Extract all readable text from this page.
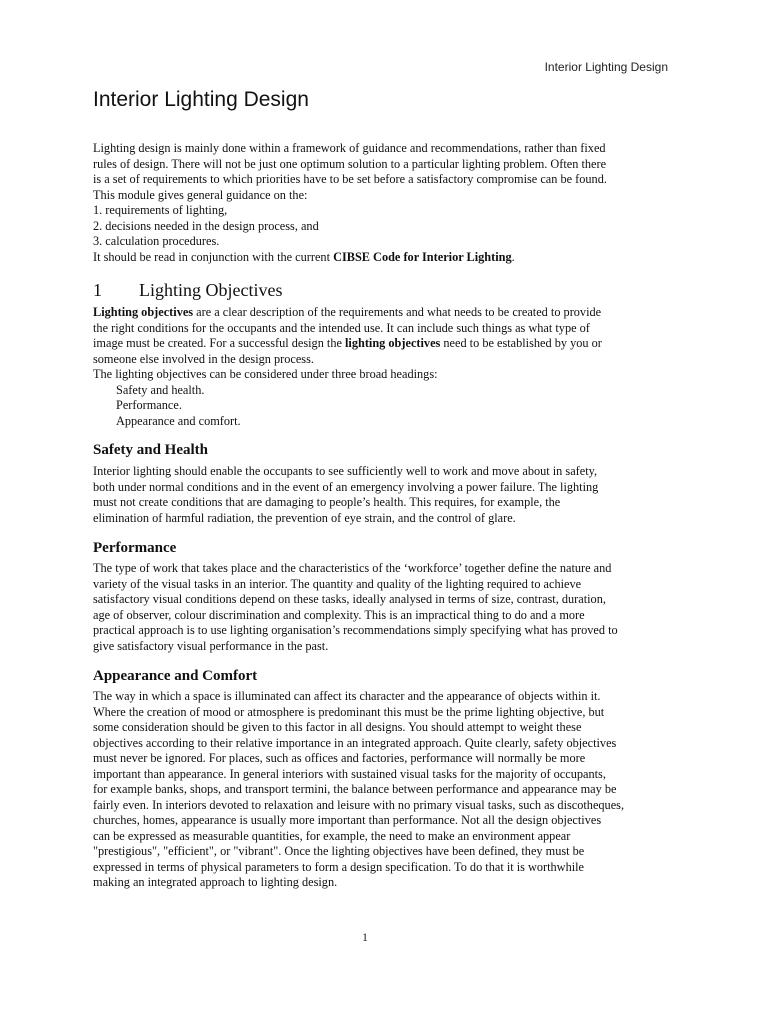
Interior Lighting Design
Interior Lighting Design

Lighting design is mainly done within a framework of guidance and recommendations, rather than fixed

rules of design. There will not be just one optimum solution to a particular lighting problem. Often there

is a set of requirements to which priorities have to be set before a satisfactory compromise can be found.

This module gives general guidance on the:

1. requirements of lighting,

2. decisions needed in the design process, and

3. calculation procedures.

It should be read in conjunction with the current CIBSE Code for Interior Lighting.

1 Lighting Objectives

Lighting objectives are a clear description of the requirements and what needs to be created to provide

the right conditions for the occupants and the intended use. It can include such things as what type of

image must be created. For a successful design the lighting objectives need to be established by you or

someone else involved in the design process.

The lighting objectives can be considered under three broad headings:

Safety and health.

Performance.

Appearance and comfort.

Safety and Health

Interior lighting should enable the occupants to see sufficiently well to work and move about in safety,

both under normal conditions and in the event of an emergency involving a power failure. The lighting

must not create conditions that are damaging to people’s health. This requires, for example, the

elimination of harmful radiation, the prevention of eye strain, and the control of glare.

Performance

The type of work that takes place and the characteristics of the ‘workforce’ together define the nature and

variety of the visual tasks in an interior. The quantity and quality of the lighting required to achieve

satisfactory visual conditions depend on these tasks, ideally analysed in terms of size, contrast, duration,

age of observer, colour discrimination and complexity. This is an impractical thing to do and a more

practical approach is to use lighting organisation’s recommendations simply specifying what has proved to

give satisfactory visual performance in the past.

Appearance and Comfort

The way in which a space is illuminated can affect its character and the appearance of objects within it.

Where the creation of mood or atmosphere is predominant this must be the prime lighting objective, but

some consideration should be given to this factor in all designs. You should attempt to weight these

objectives according to their relative importance in an integrated approach. Quite clearly, safety objectives

must never be ignored. For places, such as offices and factories, performance will normally be more

important than appearance. In general interiors with sustained visual tasks for the majority of occupants,

for example banks, shops, and transport termini, the balance between performance and appearance may be

fairly even. In interiors devoted to relaxation and leisure with no primary visual tasks, such as discotheques,

churches, homes, appearance is usually more important than performance. Not all the design objectives

can be expressed as measurable quantities, for example, the need to make an environment appear

"prestigious", "efficient", or "vibrant". Once the lighting objectives have been defined, they must be

expressed in terms of physical parameters to form a design specification. To do that it is worthwhile

making an integrated approach to lighting design.

1
